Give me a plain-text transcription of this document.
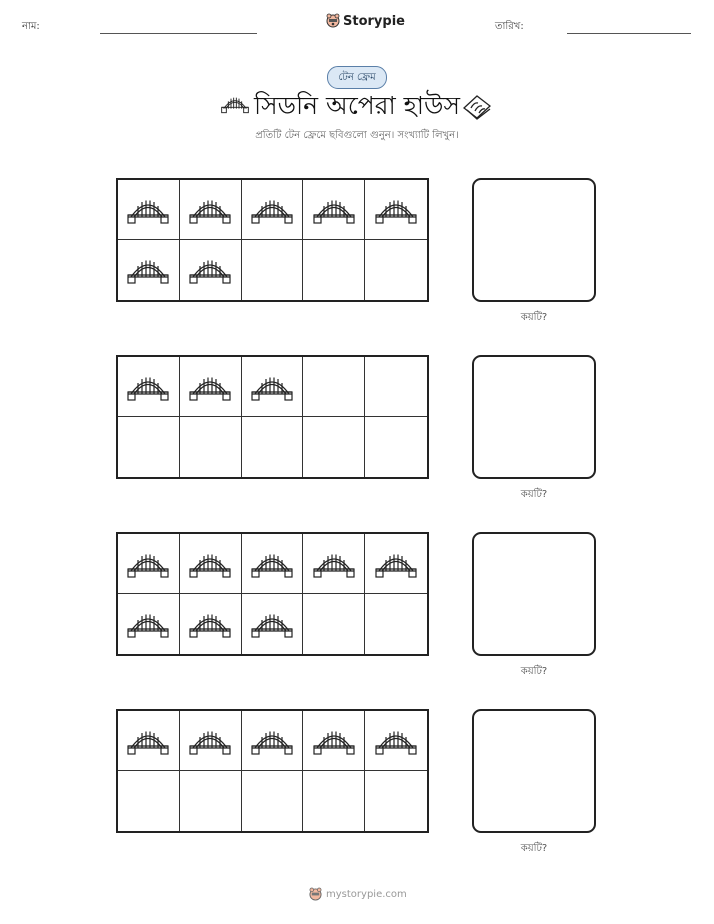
নাম:	Storypie	তারিখ:
টেন ফ্রেম
সিডনি অপেরা হাউস
প্রতিটি টেন ফ্রেমে ছবিগুলো গুনুন। সংখ্যাটি লিখুন।
কয়টি?
কয়টি?
কয়টি?
কয়টি?
mystorypie.com
